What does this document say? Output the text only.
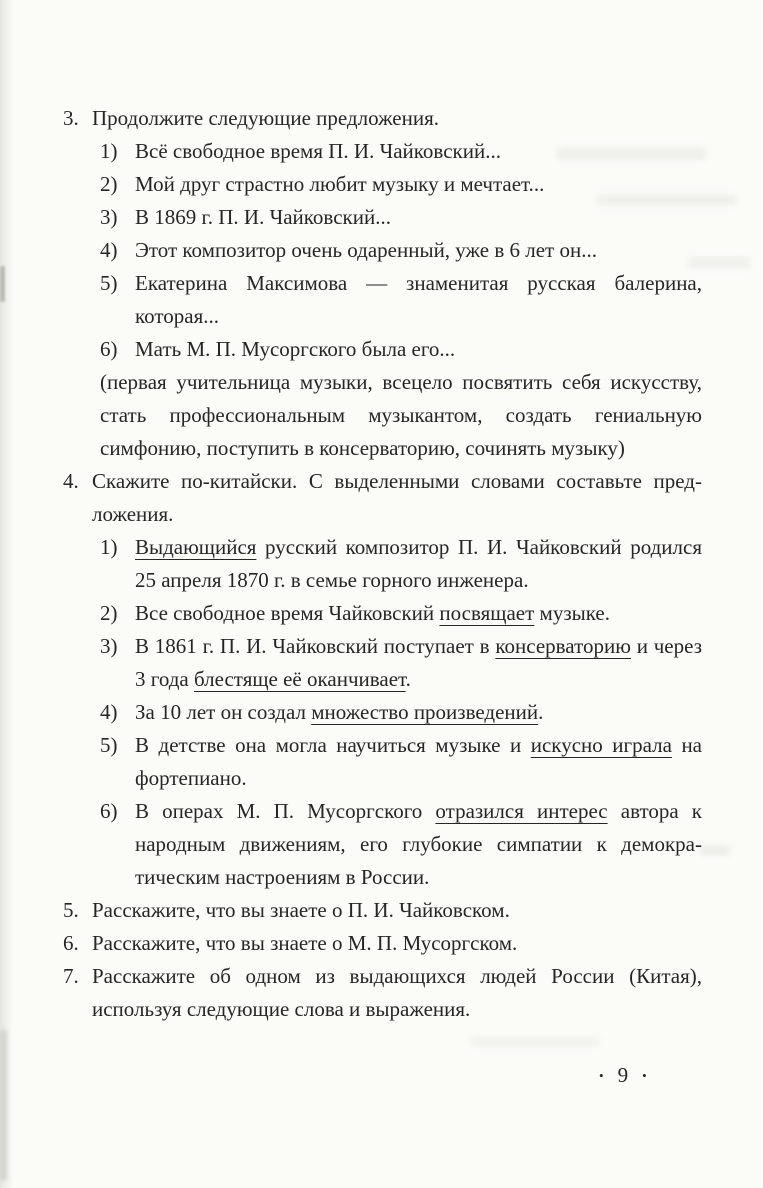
3. Продолжите следующие предложения.
1) Всё свободное время П. И. Чайковский...
2) Мой друг страстно любит музыку и мечтает...
3) В 1869 г. П. И. Чайковский...
4) Этот композитор очень одаренный, уже в 6 лет он...
5) Екатерина Максимова — знаменитая русская балерина, которая...
6) Мать М. П. Мусоргского была его...
(первая учительница музыки, всецело посвятить себя искусству, стать профессиональным музыкантом, создать гениальную симфонию, поступить в консерваторию, сочинять музыку)
4. Скажите по-китайски. С выделенными словами составьте предложения.
1) Выдающийся русский композитор П. И. Чайковский родился 25 апреля 1870 г. в семье горного инженера.
2) Все свободное время Чайковский посвящает музыке.
3) В 1861 г. П. И. Чайковский поступает в консерваторию и через 3 года блестяще её оканчивает.
4) За 10 лет он создал множество произведений.
5) В детстве она могла научиться музыке и искусно играла на фортепиано.
6) В операх М. П. Мусоргского отразился интерес автора к народным движениям, его глубокие симпатии к демократическим настроениям в России.
5. Расскажите, что вы знаете о П. И. Чайковском.
6. Расскажите, что вы знаете о М. П. Мусоргском.
7. Расскажите об одном из выдающихся людей России (Китая), используя следующие слова и выражения.
• 9 •
